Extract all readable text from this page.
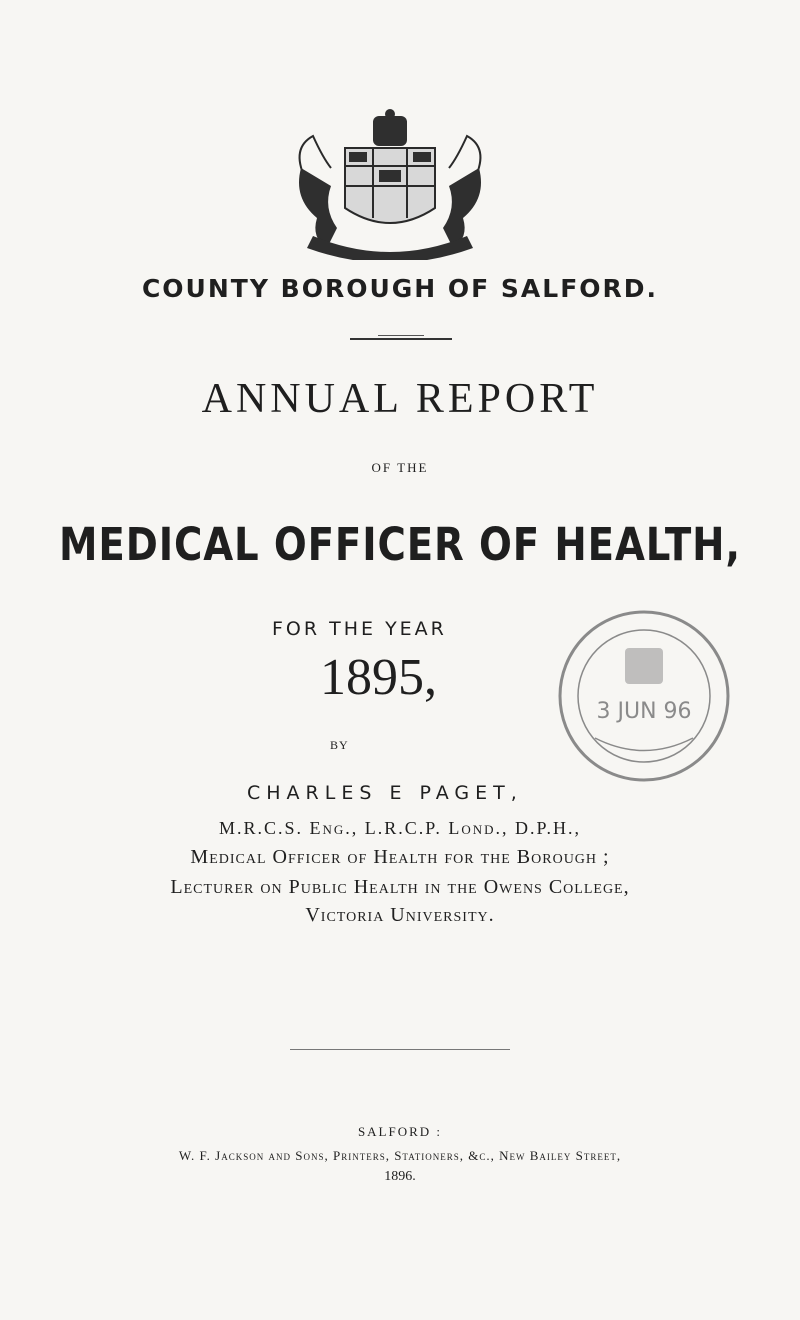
COUNTY BOROUGH OF SALFORD.
ANNUAL REPORT
OF THE
MEDICAL OFFICER OF HEALTH,
FOR THE YEAR
1895,
BY
3 JUN 96
CHARLES E PAGET,
M.R.C.S. Eng., L.R.C.P. Lond., D.P.H.,
Medical Officer of Health for the Borough ;
Lecturer on Public Health in the Owens College,
Victoria University.
SALFORD :
W. F. Jackson and Sons, Printers, Stationers, &c., New Bailey Street,
1896.
